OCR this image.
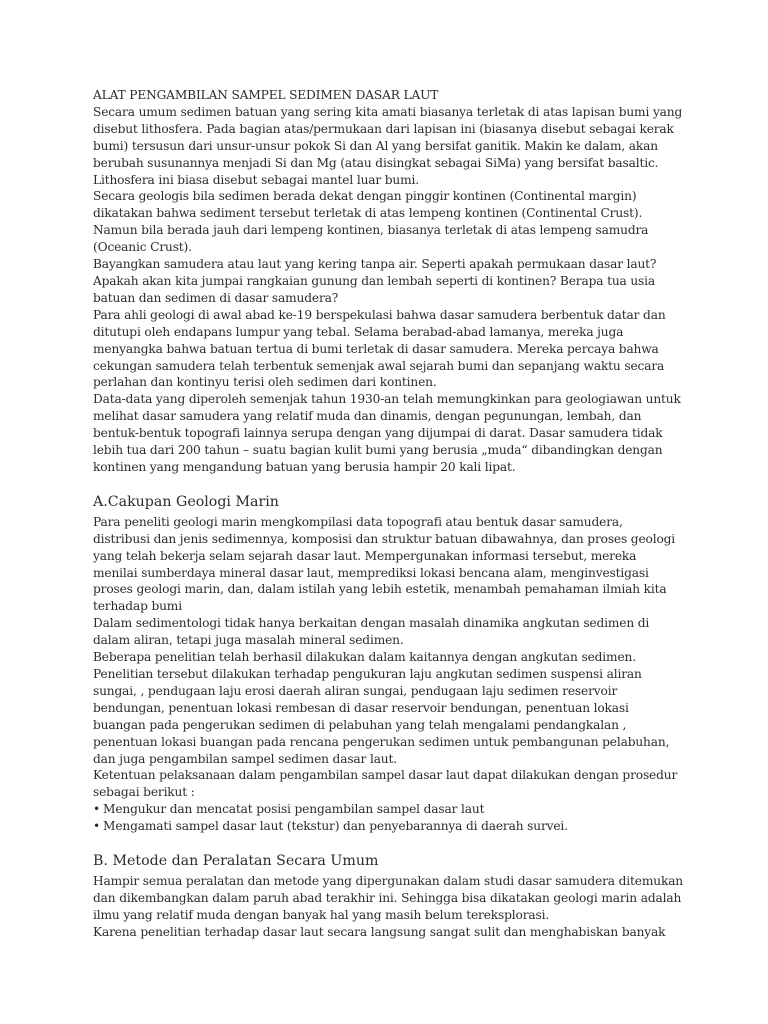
ALAT PENGAMBILAN SAMPEL SEDIMEN DASAR LAUT

Secara umum sedimen batuan yang sering kita amati biasanya terletak di atas lapisan bumi yang disebut lithosfera. Pada bagian atas/permukaan dari lapisan ini (biasanya disebut sebagai kerak bumi) tersusun dari unsur-unsur pokok Si dan Al yang bersifat ganitik. Makin ke dalam, akan berubah susunannya menjadi Si dan Mg (atau disingkat sebagai SiMa) yang bersifat basaltic. Lithosfera ini biasa disebut sebagai mantel luar bumi.

Secara geologis bila sedimen berada dekat dengan pinggir kontinen (Continental margin) dikatakan bahwa sediment tersebut terletak di atas lempeng kontinen (Continental Crust). Namun bila berada jauh dari lempeng kontinen, biasanya terletak di atas lempeng samudra (Oceanic Crust).

Bayangkan samudera atau laut yang kering tanpa air. Seperti apakah permukaan dasar laut? Apakah akan kita jumpai rangkaian gunung dan lembah seperti di kontinen? Berapa tua usia batuan dan sedimen di dasar samudera?

Para ahli geologi di awal abad ke-19 berspekulasi bahwa dasar samudera berbentuk datar dan ditutupi oleh endapans lumpur yang tebal. Selama berabad-abad lamanya, mereka juga menyangka bahwa batuan tertua di bumi terletak di dasar samudera. Mereka percaya bahwa cekungan samudera telah terbentuk semenjak awal sejarah bumi dan sepanjang waktu secara perlahan dan kontinyu terisi oleh sedimen dari kontinen.

Data-data yang diperoleh semenjak tahun 1930-an telah memungkinkan para geologiawan untuk melihat dasar samudera yang relatif muda dan dinamis, dengan pegunungan, lembah, dan bentuk-bentuk topografi lainnya serupa dengan yang dijumpai di darat. Dasar samudera tidak lebih tua dari 200 tahun – suatu bagian kulit bumi yang berusia „muda“ dibandingkan dengan kontinen yang mengandung batuan yang berusia hampir 20 kali lipat.

A.Cakupan Geologi Marin

Para peneliti geologi marin mengkompilasi data topografi atau bentuk dasar samudera, distribusi dan jenis sedimennya, komposisi dan struktur batuan dibawahnya, dan proses geologi yang telah bekerja selam sejarah dasar laut. Mempergunakan informasi tersebut, mereka menilai sumberdaya mineral dasar laut, memprediksi lokasi bencana alam, menginvestigasi proses geologi marin, dan, dalam istilah yang lebih estetik, menambah pemahaman ilmiah kita terhadap bumi

Dalam sedimentologi tidak hanya berkaitan dengan masalah dinamika angkutan sedimen di dalam aliran, tetapi juga masalah mineral sedimen.

Beberapa penelitian telah berhasil dilakukan dalam kaitannya dengan angkutan sedimen. Penelitian tersebut dilakukan terhadap pengukuran laju angkutan sedimen suspensi aliran sungai, , pendugaan laju erosi daerah aliran sungai, pendugaan laju sedimen reservoir bendungan, penentuan lokasi rembesan di dasar reservoir bendungan, penentuan lokasi buangan pada pengerukan sedimen di pelabuhan yang telah mengalami pendangkalan , penentuan lokasi buangan pada rencana pengerukan sedimen untuk pembangunan pelabuhan, dan juga pengambilan sampel sedimen dasar laut.

Ketentuan pelaksanaan dalam pengambilan sampel dasar laut dapat dilakukan dengan prosedur sebagai berikut :

• Mengukur dan mencatat posisi pengambilan sampel dasar laut
• Mengamati sampel dasar laut (tekstur) dan penyebarannya di daerah survei.
B. Metode dan Peralatan Secara Umum

Hampir semua peralatan dan metode yang dipergunakan dalam studi dasar samudera ditemukan dan dikembangkan dalam paruh abad terakhir ini. Sehingga bisa dikatakan geologi marin adalah ilmu yang relatif muda dengan banyak hal yang masih belum tereksplorasi.

Karena penelitian terhadap dasar laut secara langsung sangat sulit dan menghabiskan banyak
